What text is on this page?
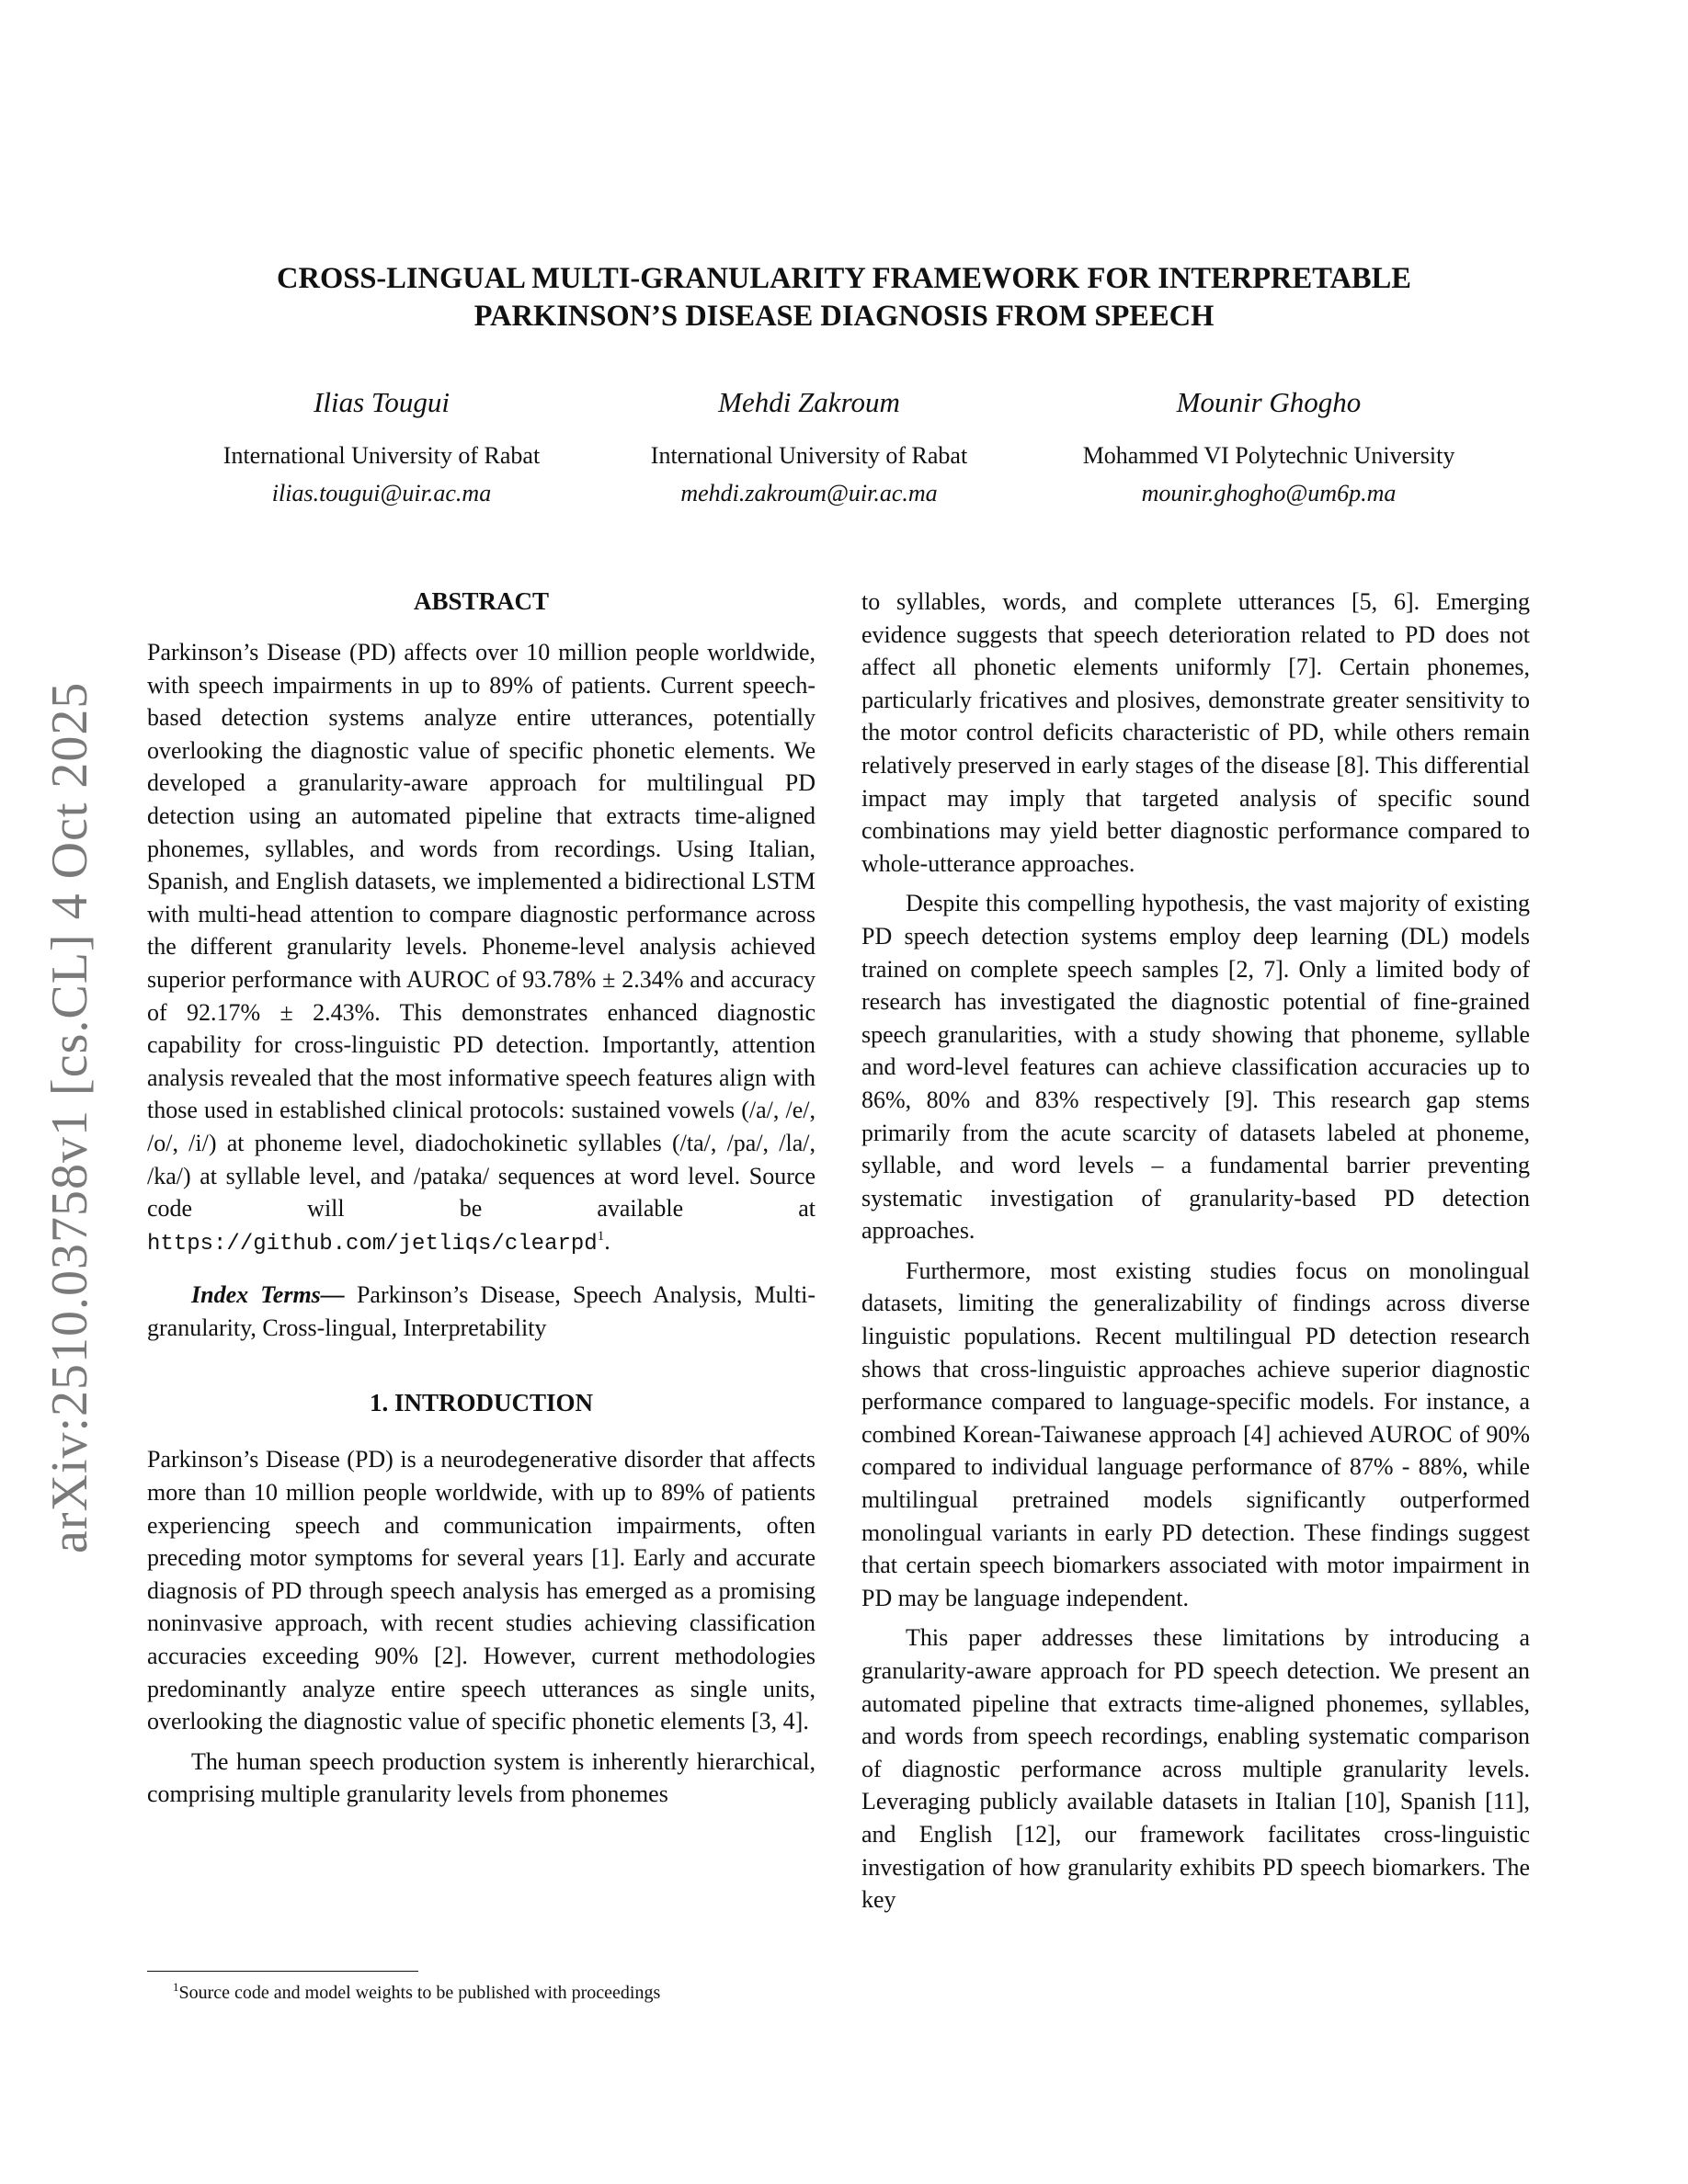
arXiv:2510.03758v1 [cs.CL] 4 Oct 2025
CROSS-LINGUAL MULTI-GRANULARITY FRAMEWORK FOR INTERPRETABLE
PARKINSON’S DISEASE DIAGNOSIS FROM SPEECH
Ilias Tougui
International University of Rabat
ilias.tougui@uir.ac.ma
Mehdi Zakroum
International University of Rabat
mehdi.zakroum@uir.ac.ma
Mounir Ghogho
Mohammed VI Polytechnic University
mounir.ghogho@um6p.ma
ABSTRACT

Parkinson’s Disease (PD) affects over 10 million people worldwide, with speech impairments in up to 89% of patients. Current speech-based detection systems analyze entire utterances, potentially overlooking the diagnostic value of specific phonetic elements. We developed a granularity-aware approach for multilingual PD detection using an automated pipeline that extracts time-aligned phonemes, syllables, and words from recordings. Using Italian, Spanish, and English datasets, we implemented a bidirectional LSTM with multi-head attention to compare diagnostic performance across the different granularity levels. Phoneme-level analysis achieved superior performance with AUROC of 93.78% ± 2.34% and accuracy of 92.17% ± 2.43%. This demonstrates enhanced diagnostic capability for cross-linguistic PD detection. Importantly, attention analysis revealed that the most informative speech features align with those used in established clinical protocols: sustained vowels (/a/, /e/, /o/, /i/) at phoneme level, diadochokinetic syllables (/ta/, /pa/, /la/, /ka/) at syllable level, and /pataka/ sequences at word level. Source code will be available at https://github.com/jetliqs/clearpd$^1$.

Index Terms— Parkinson’s Disease, Speech Analysis, Multi-granularity, Cross-lingual, Interpretability

1. INTRODUCTION

Parkinson’s Disease (PD) is a neurodegenerative disorder that affects more than 10 million people worldwide, with up to 89% of patients experiencing speech and communication impairments, often preceding motor symptoms for several years [1]. Early and accurate diagnosis of PD through speech analysis has emerged as a promising noninvasive approach, with recent studies achieving classification accuracies exceeding 90% [2]. However, current methodologies predominantly analyze entire speech utterances as single units, overlooking the diagnostic value of specific phonetic elements [3, 4].

The human speech production system is inherently hierarchical, comprising multiple granularity levels from phonemes

$^1$Source code and model weights to be published with proceedings

to syllables, words, and complete utterances [5, 6]. Emerging evidence suggests that speech deterioration related to PD does not affect all phonetic elements uniformly [7]. Certain phonemes, particularly fricatives and plosives, demonstrate greater sensitivity to the motor control deficits characteristic of PD, while others remain relatively preserved in early stages of the disease [8]. This differential impact may imply that targeted analysis of specific sound combinations may yield better diagnostic performance compared to whole-utterance approaches.

Despite this compelling hypothesis, the vast majority of existing PD speech detection systems employ deep learning (DL) models trained on complete speech samples [2, 7]. Only a limited body of research has investigated the diagnostic potential of fine-grained speech granularities, with a study showing that phoneme, syllable and word-level features can achieve classification accuracies up to 86%, 80% and 83% respectively [9]. This research gap stems primarily from the acute scarcity of datasets labeled at phoneme, syllable, and word levels – a fundamental barrier preventing systematic investigation of granularity-based PD detection approaches.

Furthermore, most existing studies focus on monolingual datasets, limiting the generalizability of findings across diverse linguistic populations. Recent multilingual PD detection research shows that cross-linguistic approaches achieve superior diagnostic performance compared to language-specific models. For instance, a combined Korean-Taiwanese approach [4] achieved AUROC of 90% compared to individual language performance of 87% - 88%, while multilingual pretrained models significantly outperformed monolingual variants in early PD detection. These findings suggest that certain speech biomarkers associated with motor impairment in PD may be language independent.

This paper addresses these limitations by introducing a granularity-aware approach for PD speech detection. We present an automated pipeline that extracts time-aligned phonemes, syllables, and words from speech recordings, enabling systematic comparison of diagnostic performance across multiple granularity levels. Leveraging publicly available datasets in Italian [10], Spanish [11], and English [12], our framework facilitates cross-linguistic investigation of how granularity exhibits PD speech biomarkers. The key
